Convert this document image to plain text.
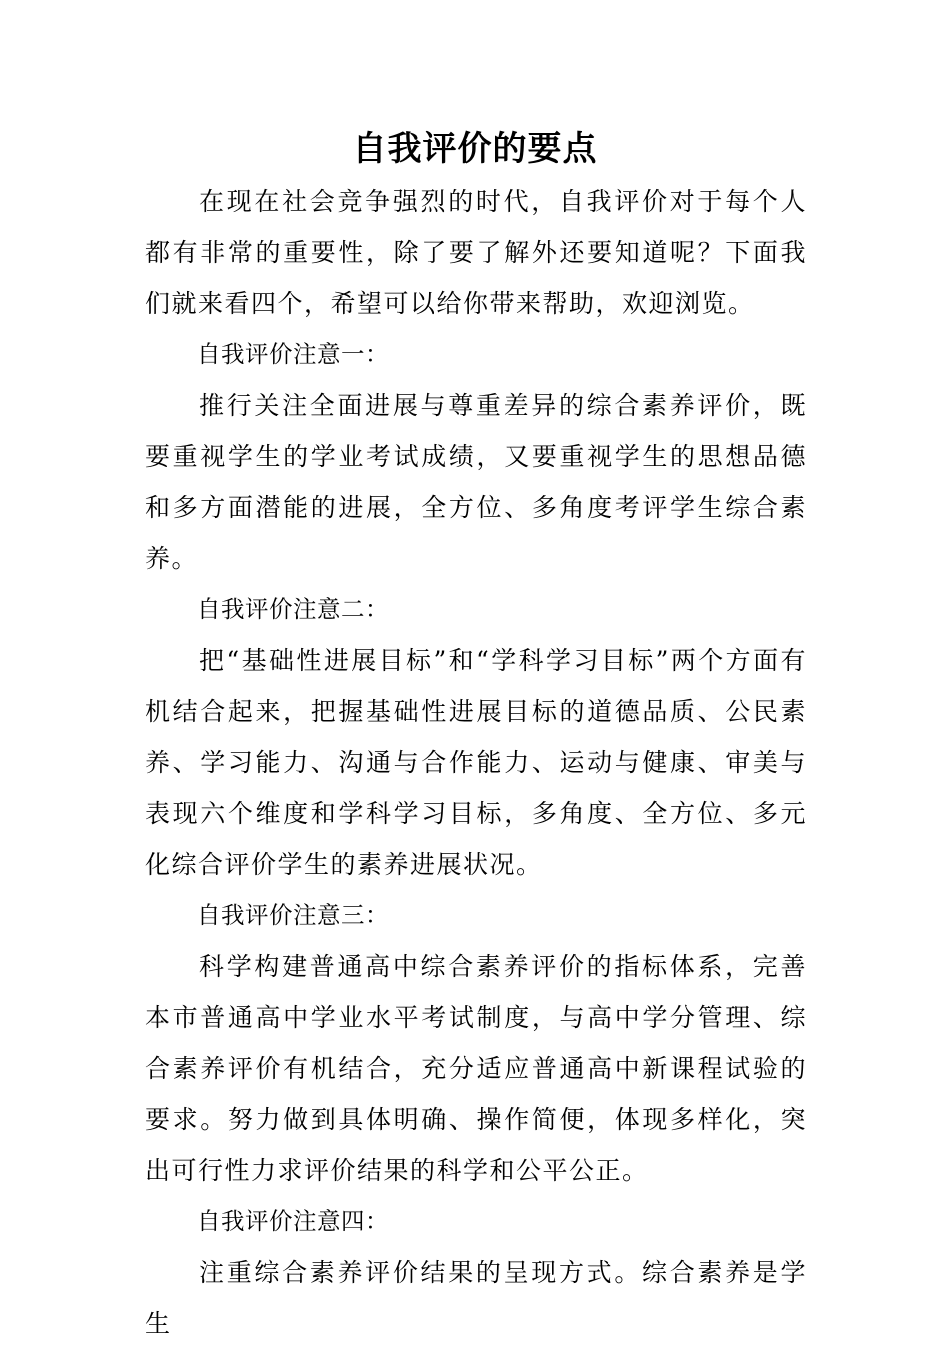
自我评价的要点

在现在社会竞争强烈的时代，自我评价对于每个人都有非常的重要性，除了要了解外还要知道呢？下面我们就来看四个，希望可以给你带来帮助，欢迎浏览。

自我评价注意一：

推行关注全面进展与尊重差异的综合素养评价，既要重视学生的学业考试成绩，又要重视学生的思想品德和多方面潜能的进展，全方位、多角度考评学生综合素养。

自我评价注意二：

把“基础性进展目标”和“学科学习目标”两个方面有机结合起来，把握基础性进展目标的道德品质、公民素养、学习能力、沟通与合作能力、运动与健康、审美与表现六个维度和学科学习目标，多角度、全方位、多元化综合评价学生的素养进展状况。

自我评价注意三：

科学构建普通高中综合素养评价的指标体系，完善本市普通高中学业水平考试制度，与高中学分管理、综合素养评价有机结合，充分适应普通高中新课程试验的要求。努力做到具体明确、操作简便，体现多样化，突出可行性力求评价结果的科学和公平公正。

自我评价注意四：

注重综合素养评价结果的呈现方式。综合素养是学生
